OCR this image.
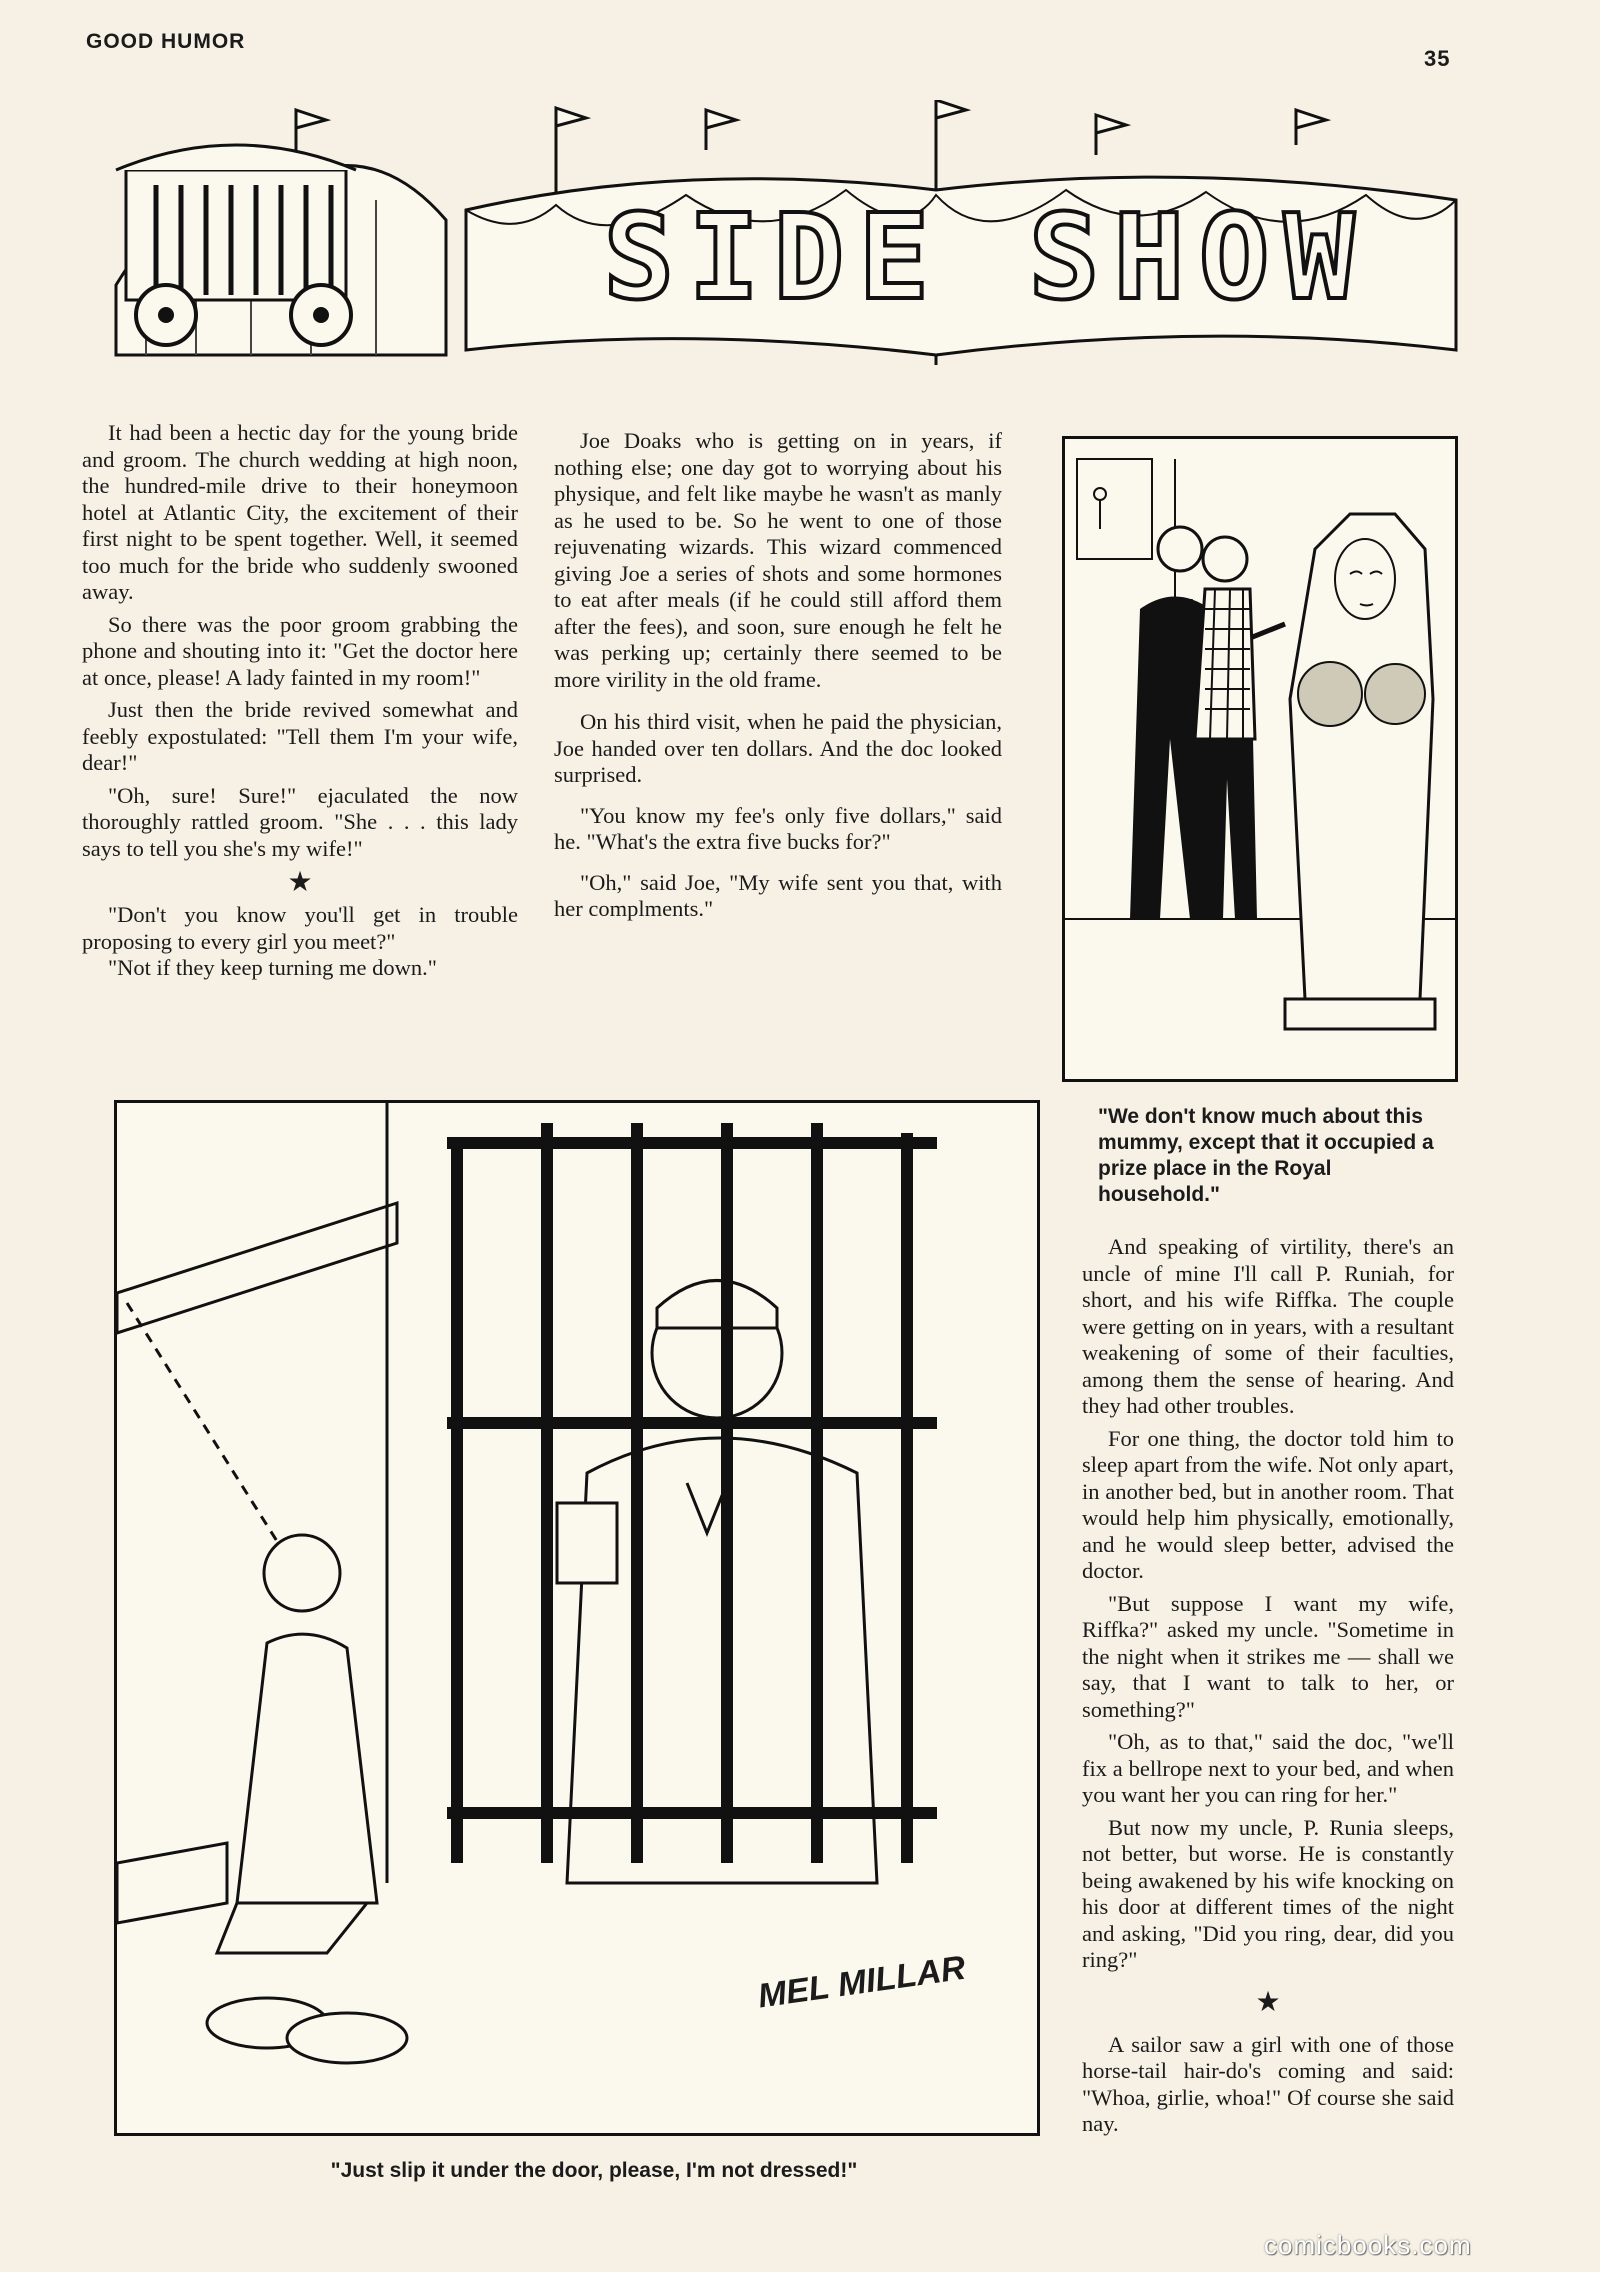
GOOD HUMOR
35
SIDE SHOW

It had been a hectic day for the young bride and groom. The church wedding at high noon, the hundred-mile drive to their honeymoon hotel at Atlantic City, the excitement of their first night to be spent together. Well, it seemed too much for the bride who suddenly swooned away.

So there was the poor groom grabbing the phone and shouting into it: "Get the doctor here at once, please! A lady fainted in my room!"

Just then the bride revived somewhat and feebly expostulated: "Tell them I'm your wife, dear!"

"Oh, sure! Sure!" ejaculated the now thoroughly rattled groom. "She . . . this lady says to tell you she's my wife!"

★

"Don't you know you'll get in trouble proposing to every girl you meet?"

"Not if they keep turning me down."

Joe Doaks who is getting on in years, if nothing else; one day got to worrying about his physique, and felt like maybe he wasn't as manly as he used to be. So he went to one of those rejuvenating wizards. This wizard commenced giving Joe a series of shots and some hormones to eat after meals (if he could still afford them after the fees), and soon, sure enough he felt he was perking up; certainly there seemed to be more virility in the old frame.

On his third visit, when he paid the physician, Joe handed over ten dollars. And the doc looked surprised.

"You know my fee's only five dollars," said he. "What's the extra five bucks for?"

"Oh," said Joe, "My wife sent you that, with her complments."

"We don't know much about this mummy, except that it occupied a prize place in the Royal household."
MEL MILLAR
"Just slip it under the door, please, I'm not dressed!"

And speaking of virtility, there's an uncle of mine I'll call P. Runiah, for short, and his wife Riffka. The couple were getting on in years, with a resultant weakening of some of their faculties, among them the sense of hearing. And they had other troubles.

For one thing, the doctor told him to sleep apart from the wife. Not only apart, in another bed, but in another room. That would help him physically, emotionally, and he would sleep better, advised the doctor.

"But suppose I want my wife, Riffka?" asked my uncle. "Sometime in the night when it strikes me — shall we say, that I want to talk to her, or something?"

"Oh, as to that," said the doc, "we'll fix a bellrope next to your bed, and when you want her you can ring for her."

But now my uncle, P. Runia sleeps, not better, but worse. He is constantly being awakened by his wife knocking on his door at different times of the night and asking, "Did you ring, dear, did you ring?"

★

A sailor saw a girl with one of those horse-tail hair-do's coming and said: "Whoa, girlie, whoa!" Of course she said nay.

comicbooks.com
